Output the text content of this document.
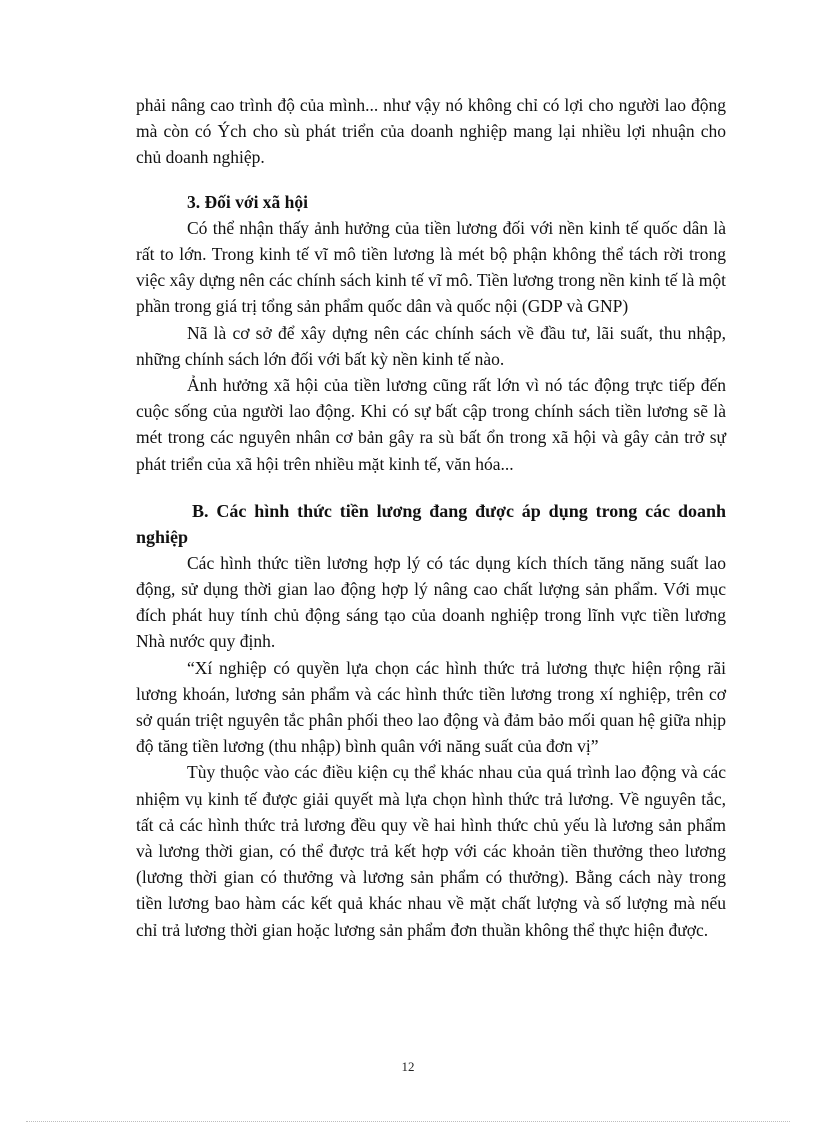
phải nâng cao trình độ của mình... như vậy nó không chỉ có lợi cho người lao động mà còn có Ých cho sù phát triển của doanh nghiệp mang lại nhiều lợi nhuận cho chủ doanh nghiệp.

3. Đối với xã hội

Có thể nhận thấy ảnh hưởng của tiền lương đối với nền kinh tế quốc dân là rất to lớn. Trong kinh tế vĩ mô tiền lương là mét bộ phận không thể tách rời trong việc xây dựng nên các chính sách kinh tế vĩ mô. Tiền lương trong nền kinh tế là một phần trong giá trị tổng sản phẩm quốc dân và quốc nội (GDP và GNP)

Nã là cơ sở để xây dựng nên các chính sách về đầu tư, lãi suất, thu nhập, những chính sách lớn đối với bất kỳ nền kinh tế nào.

Ảnh hưởng xã hội của tiền lương cũng rất lớn vì nó tác động trực tiếp đến cuộc sống của người lao động. Khi có sự bất cập trong chính sách tiền lương sẽ là mét trong các nguyên nhân cơ bản gây ra sù bất ổn trong xã hội và gây cản trở sự phát triển của xã hội trên nhiều mặt kinh tế, văn hóa...

B. Các hình thức tiền lương đang được áp dụng trong các doanh nghiệp

Các hình thức tiền lương hợp lý có tác dụng kích thích tăng năng suất lao động, sử dụng thời gian lao động hợp lý nâng cao chất lượng sản phẩm. Với mục đích phát huy tính chủ động sáng tạo của doanh nghiệp trong lĩnh vực tiền lương Nhà nước quy định.

“Xí nghiệp có quyền lựa chọn các hình thức trả lương thực hiện rộng rãi lương khoán, lương sản phẩm và các hình thức tiền lương trong xí nghiệp, trên cơ sở quán triệt nguyên tắc phân phối theo lao động và đảm bảo mối quan hệ giữa nhịp độ tăng tiền lương (thu nhập) bình quân với năng suất của đơn vị”

Tùy thuộc vào các điều kiện cụ thể khác nhau của quá trình lao động và các nhiệm vụ kinh tế được giải quyết mà lựa chọn hình thức trả lương. Về nguyên tắc, tất cả các hình thức trả lương đều quy về hai hình thức chủ yếu là lương sản phẩm và lương thời gian, có thể được trả kết hợp với các khoản tiền thưởng theo lương (lương thời gian có thưởng và lương sản phẩm có thưởng). Bằng cách này trong tiền lương bao hàm các kết quả khác nhau về mặt chất lượng và số lượng mà nếu chỉ trả lương thời gian hoặc lương sản phẩm đơn thuần không thể thực hiện được.

12
